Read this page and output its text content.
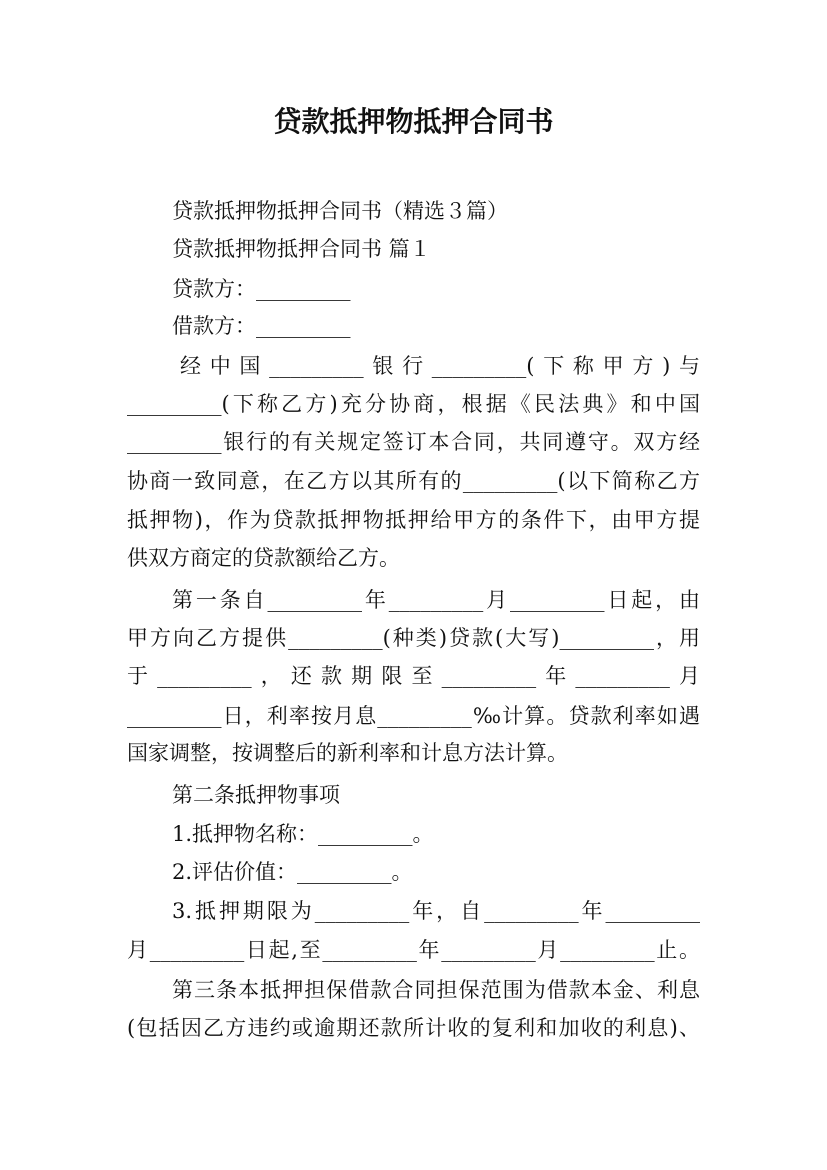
贷款抵押物抵押合同书
贷款抵押物抵押合同书（精选３篇）
贷款抵押物抵押合同书 篇１
贷款方：_________
借款方：_________
经中国_________银行_________(下称甲方)与
_________(下称乙方)充分协商，根据《民法典》和中国
_________银行的有关规定签订本合同，共同遵守。双方经
协商一致同意，在乙方以其所有的_________(以下简称乙方
抵押物)，作为贷款抵押物抵押给甲方的条件下，由甲方提
供双方商定的贷款额给乙方。
第一条自_________年_________月_________日起，由
甲方向乙方提供_________(种类)贷款(大写)_________，用
于_________，还款期限至_________年_________月
_________日，利率按月息_________‰计算。贷款利率如遇
国家调整，按调整后的新利率和计息方法计算。
第二条抵押物事项
1.抵押物名称：_________。
2.评估价值：_________。
3.抵押期限为_________年，自_________年_________
月_________日起,至_________年_________月_________止。
第三条本抵押担保借款合同担保范围为借款本金、利息
(包括因乙方违约或逾期还款所计收的复利和加收的利息)、
